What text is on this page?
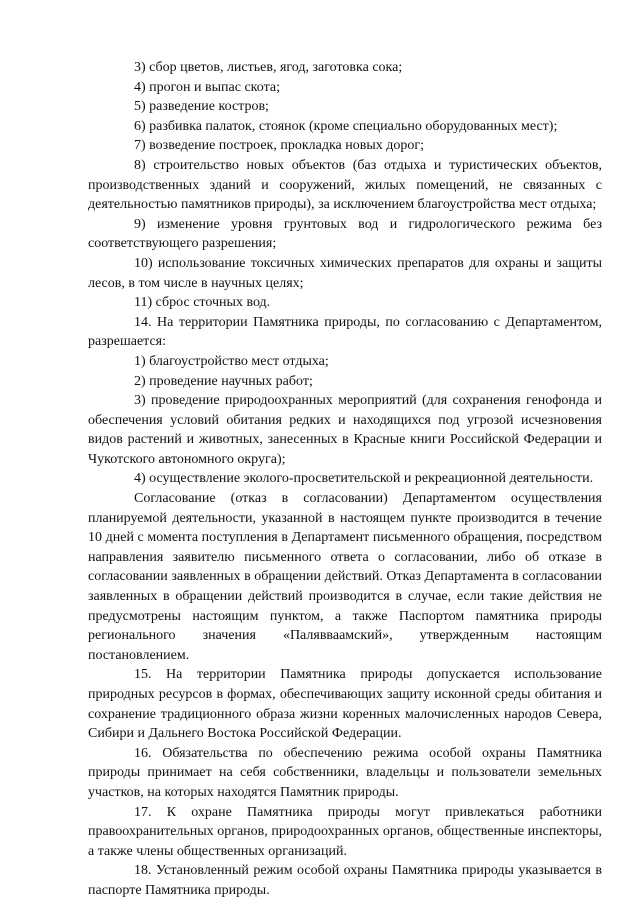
3) сбор цветов, листьев, ягод, заготовка сока;

4) прогон и выпас скота;

5) разведение костров;

6) разбивка палаток, стоянок (кроме специально оборудованных мест);

7) возведение построек, прокладка новых дорог;

8) строительство новых объектов (баз отдыха и туристических объектов, производственных зданий и сооружений, жилых помещений, не связанных с деятельностью памятников природы), за исключением благоустройства мест отдыха;

9) изменение уровня грунтовых вод и гидрологического режима без соответствующего разрешения;

10) использование токсичных химических препаратов для охраны и защиты лесов, в том числе в научных целях;

11) сброс сточных вод.

14. На территории Памятника природы, по согласованию с Департаментом, разрешается:

1) благоустройство мест отдыха;

2) проведение научных работ;

3) проведение природоохранных мероприятий (для сохранения генофонда и обеспечения условий обитания редких и находящихся под угрозой исчезновения видов растений и животных, занесенных в Красные книги Российской Федерации и Чукотского автономного округа);

4) осуществление эколого-просветительской и рекреационной деятельности.

Согласование (отказ в согласовании) Департаментом осуществления планируемой деятельности, указанной в настоящем пункте производится в течение 10 дней с момента поступления в Департамент письменного обращения, посредством направления заявителю письменного ответа о согласовании, либо об отказе в согласовании заявленных в обращении действий. Отказ Департамента в согласовании заявленных в обращении действий производится в случае, если такие действия не предусмотрены настоящим пунктом, а также Паспортом памятника природы регионального значения «Палявваамский», утвержденным настоящим постановлением.

15. На территории Памятника природы допускается использование природных ресурсов в формах, обеспечивающих защиту исконной среды обитания и сохранение традиционного образа жизни коренных малочисленных народов Севера, Сибири и Дальнего Востока Российской Федерации.

16. Обязательства по обеспечению режима особой охраны Памятника природы принимает на себя собственники, владельцы и пользователи земельных участков, на которых находятся Памятник природы.

17. К охране Памятника природы могут привлекаться работники правоохранительных органов, природоохранных органов, общественные инспекторы, а также члены общественных организаций.

18. Установленный режим особой охраны Памятника природы указывается в паспорте Памятника природы.
